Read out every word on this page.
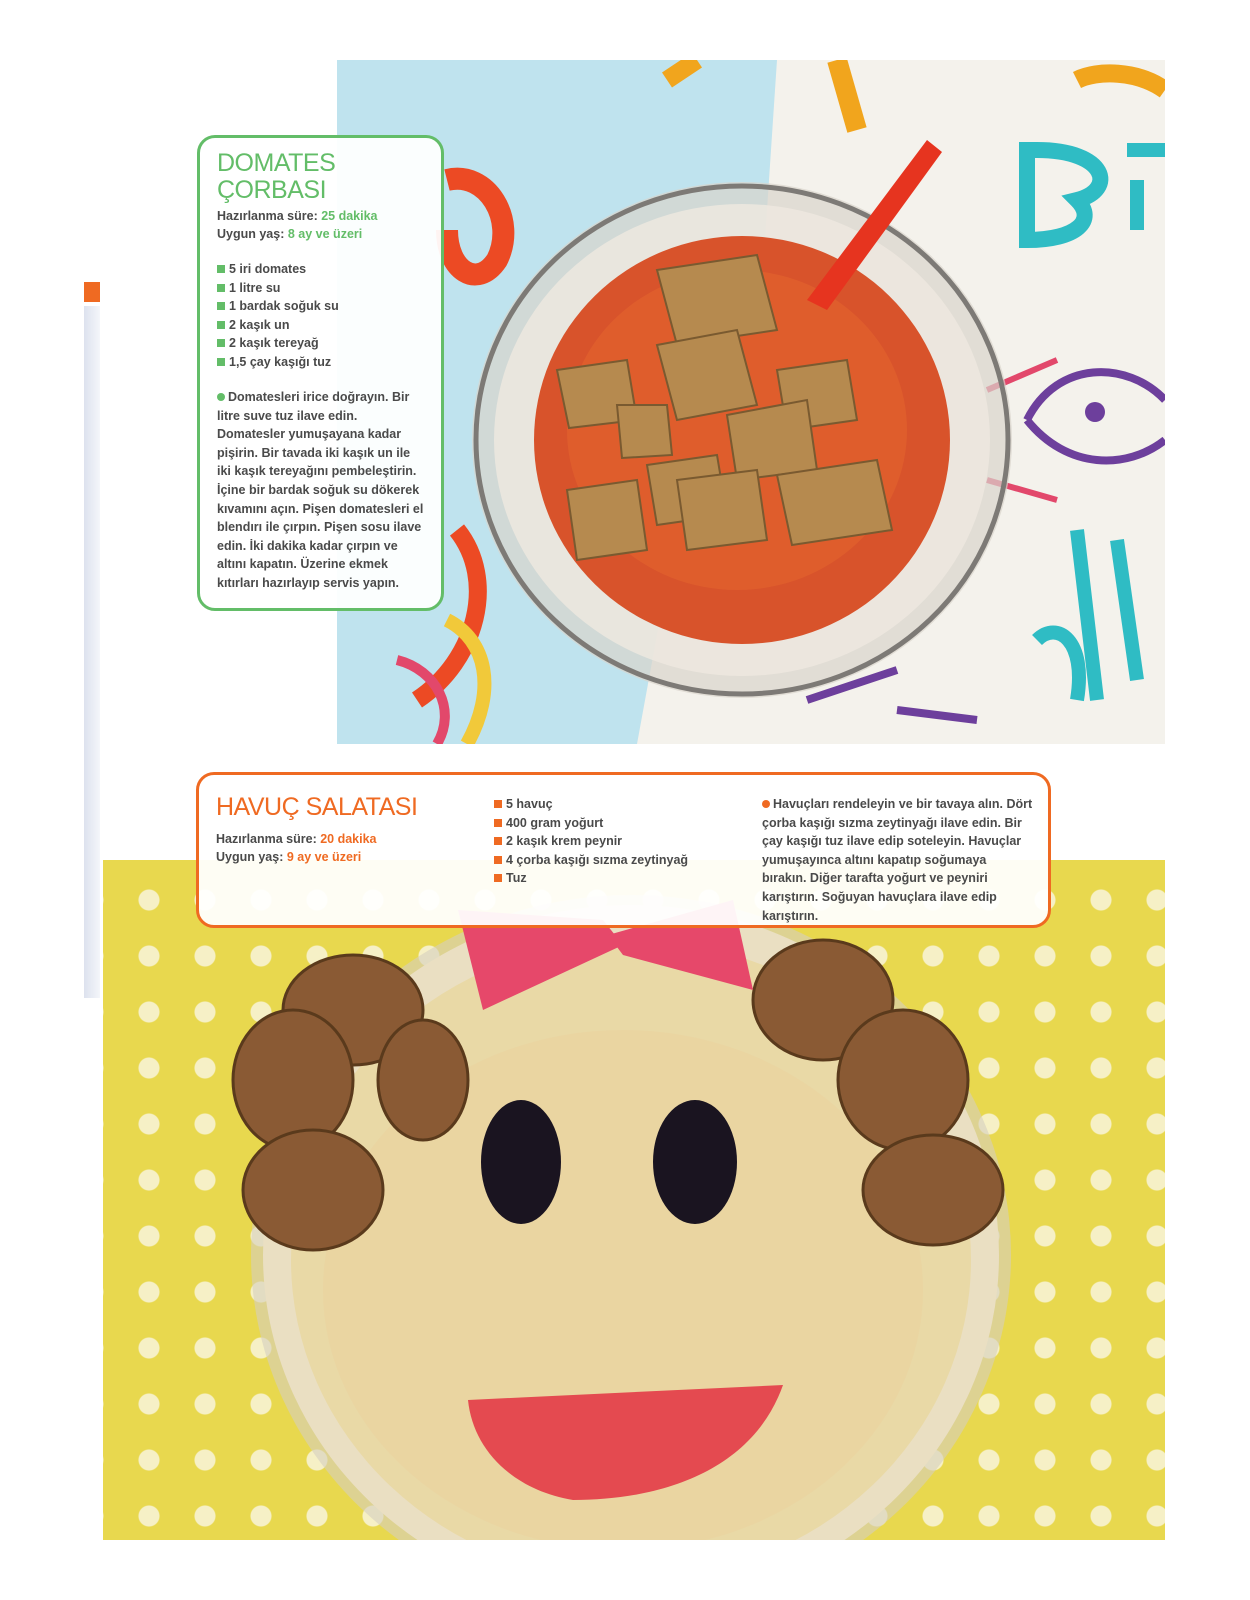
DOMATES
ÇORBASI
Hazırlanma süre: 25 dakika
Uygun yaş: 8 ay ve üzeri
5 iri domates
1 litre su
1 bardak soğuk su
2 kaşık un
2 kaşık tereyağ
1,5 çay kaşığı tuz

Domatesleri irice doğrayın. Bir litre suve tuz ilave edin. Domatesler yumuşayana kadar pişirin. Bir tavada iki kaşık un ile iki kaşık tereyağını pembeleştirin. İçine bir bardak soğuk su dökerek kıvamını açın. Pişen domatesleri el blendırı ile çırpın. Pişen sosu ilave edin. İki dakika kadar çırpın ve altını kapatın. Üzerine ekmek kıtırları hazırlayıp servis yapın.

HAVUÇ SALATASI
Hazırlanma süre: 20 dakika
Uygun yaş: 9 ay ve üzeri
5 havuç
400 gram yoğurt
2 kaşık krem peynir
4 çorba kaşığı sızma zeytinyağ
Tuz

Havuçları rendeleyin ve bir tavaya alın. Dört çorba kaşığı sızma zeytinyağı ilave edin. Bir çay kaşığı tuz ilave edip soteleyin. Havuçlar yumuşayınca altını kapatıp soğumaya bırakın. Diğer tarafta yoğurt ve peyniri karıştırın. Soğuyan havuçlara ilave edip karıştırın.
